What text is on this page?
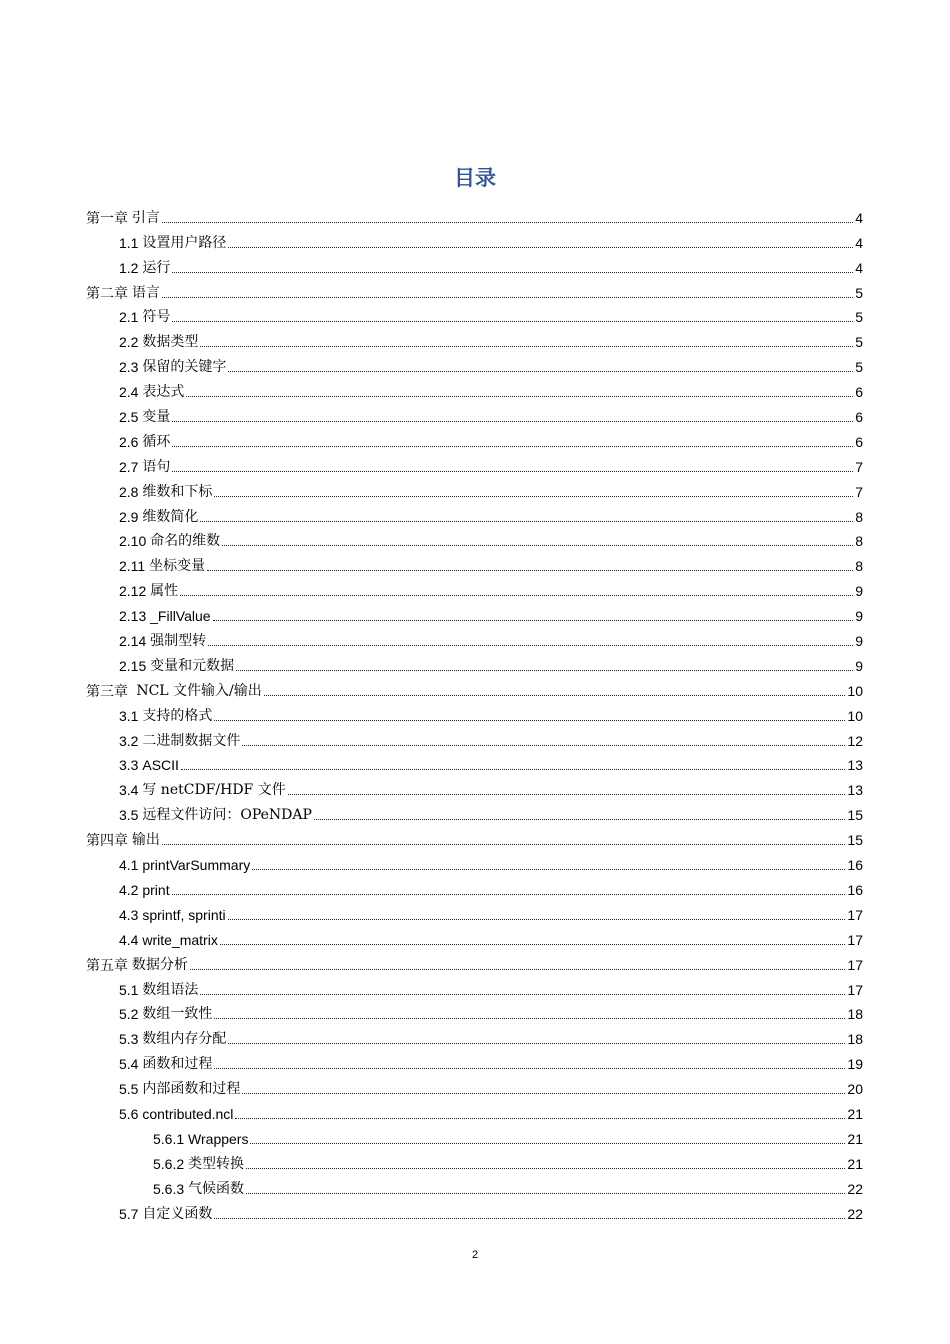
目录
第一章 引言	4
1.1 设置用户路径	4
1.2 运行	4
第二章 语言	5
2.1 符号	5
2.2 数据类型	5
2.3 保留的关键字	5
2.4 表达式	6
2.5 变量	6
2.6 循环	6
2.7 语句	7
2.8 维数和下标	7
2.9 维数简化	8
2.10 命名的维数	8
2.11 坐标变量	8
2.12 属性	9
2.13 _FillValue	9
2.14 强制型转	9
2.15 变量和元数据	9
第三章 NCL 文件输入/输出	10
3.1 支持的格式	10
3.2 二进制数据文件	12
3.3 ASCII	13
3.4 写 netCDF/HDF 文件	13
3.5 远程文件访问：OPeNDAP	15
第四章 输出	15
4.1 printVarSummary	16
4.2 print	16
4.3 sprintf, sprinti	17
4.4 write_matrix	17
第五章 数据分析	17
5.1 数组语法	17
5.2 数组一致性	18
5.3 数组内存分配	18
5.4 函数和过程	19
5.5 内部函数和过程	20
5.6 contributed.ncl	21
5.6.1 Wrappers	21
5.6.2 类型转换	21
5.6.3 气候函数	22
5.7 自定义函数	22
2
